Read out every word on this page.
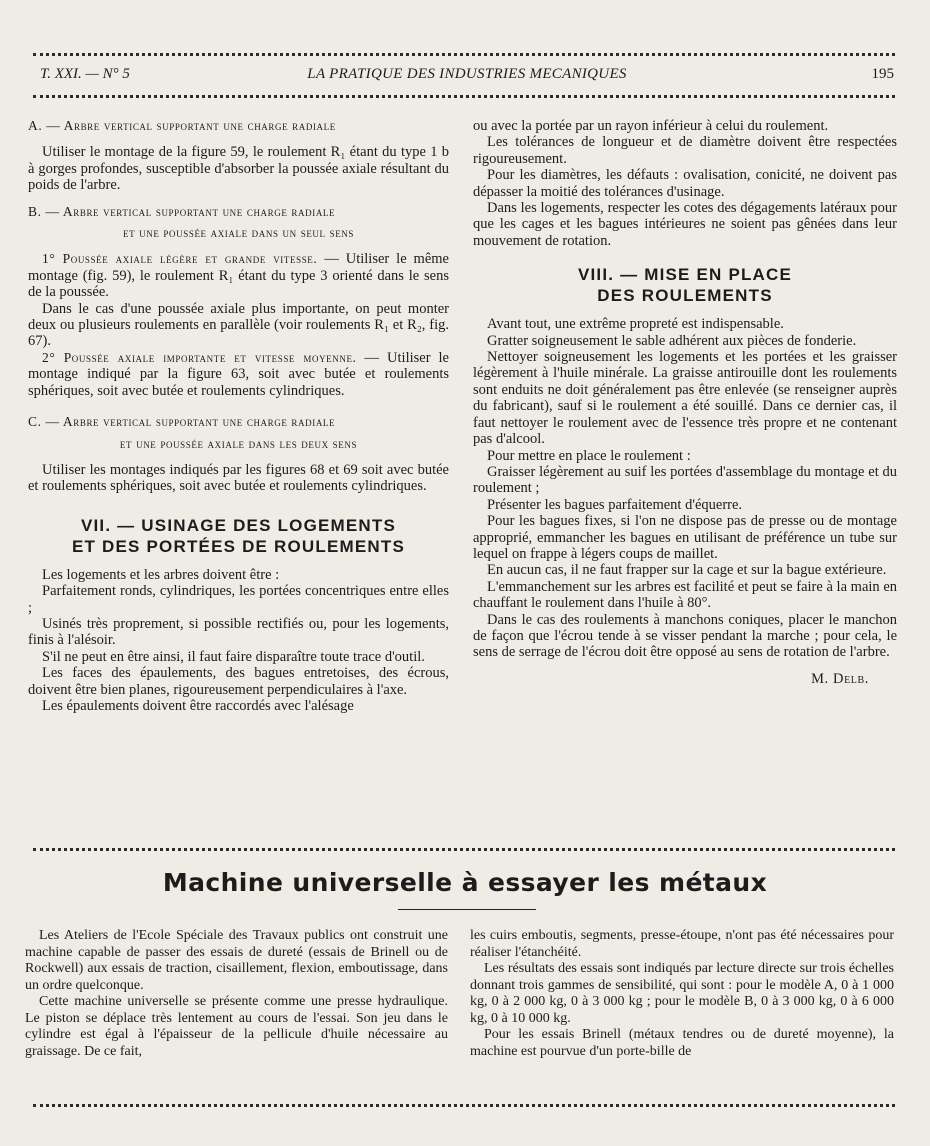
T. XXI. — N° 5	LA PRATIQUE DES INDUSTRIES MECANIQUES	195

A. — Arbre vertical supportant une charge radiale

Utiliser le montage de la figure 59, le roulement R₁ étant du type 1 b à gorges profondes, susceptible d'absorber la poussée axiale résultant du poids de l'arbre.

B. — Arbre vertical supportant une charge radiale

et une poussée axiale dans un seul sens

1° Poussée axiale légère et grande vitesse. — Utiliser le même montage (fig. 59), le roulement R₁ étant du type 3 orienté dans le sens de la poussée.

Dans le cas d'une poussée axiale plus importante, on peut monter deux ou plusieurs roulements en parallèle (voir roulements R₁ et R₂, fig. 67).

2° Poussée axiale importante et vitesse moyenne. — Utiliser le montage indiqué par la figure 63, soit avec butée et roulements sphériques, soit avec butée et roulements cylindriques.

C. — Arbre vertical supportant une charge radiale

et une poussée axiale dans les deux sens

Utiliser les montages indiqués par les figures 68 et 69 soit avec butée et roulements sphériques, soit avec butée et roulements cylindriques.

VII. — USINAGE DES LOGEMENTS

ET DES PORTÉES DE ROULEMENTS

Les logements et les arbres doivent être :

Parfaitement ronds, cylindriques, les portées concentriques entre elles ;

Usinés très proprement, si possible rectifiés ou, pour les logements, finis à l'alésoir.

S'il ne peut en être ainsi, il faut faire disparaître toute trace d'outil.

Les faces des épaulements, des bagues entretoises, des écrous, doivent être bien planes, rigoureusement perpendiculaires à l'axe.

Les épaulements doivent être raccordés avec l'alésage

ou avec la portée par un rayon inférieur à celui du roulement.

Les tolérances de longueur et de diamètre doivent être respectées rigoureusement.

Pour les diamètres, les défauts : ovalisation, conicité, ne doivent pas dépasser la moitié des tolérances d'usinage.

Dans les logements, respecter les cotes des dégagements latéraux pour que les cages et les bagues intérieures ne soient pas gênées dans leur mouvement de rotation.

VIII. — MISE EN PLACE

DES ROULEMENTS

Avant tout, une extrême propreté est indispensable.

Gratter soigneusement le sable adhérent aux pièces de fonderie.

Nettoyer soigneusement les logements et les portées et les graisser légèrement à l'huile minérale. La graisse antirouille dont les roulements sont enduits ne doit généralement pas être enlevée (se renseigner auprès du fabricant), sauf si le roulement a été souillé. Dans ce dernier cas, il faut nettoyer le roulement avec de l'essence très propre et ne contenant pas d'alcool.

Pour mettre en place le roulement :

Graisser légèrement au suif les portées d'assemblage du montage et du roulement ;

Présenter les bagues parfaitement d'équerre.

Pour les bagues fixes, si l'on ne dispose pas de presse ou de montage approprié, emmancher les bagues en utilisant de préférence un tube sur lequel on frappe à légers coups de maillet.

En aucun cas, il ne faut frapper sur la cage et sur la bague extérieure.

L'emmanchement sur les arbres est facilité et peut se faire à la main en chauffant le roulement dans l'huile à 80°.

Dans le cas des roulements à manchons coniques, placer le manchon de façon que l'écrou tende à se visser pendant la marche ; pour cela, le sens de serrage de l'écrou doit être opposé au sens de rotation de l'arbre.

M. Delb.

Machine universelle à essayer les métaux

Les Ateliers de l'Ecole Spéciale des Travaux publics ont construit une machine capable de passer des essais de dureté (essais de Brinell ou de Rockwell) aux essais de traction, cisaillement, flexion, emboutissage, dans un ordre quelconque.

Cette machine universelle se présente comme une presse hydraulique. Le piston se déplace très lentement au cours de l'essai. Son jeu dans le cylindre est égal à l'épaisseur de la pellicule d'huile nécessaire au graissage. De ce fait,

les cuirs emboutis, segments, presse-étoupe, n'ont pas été nécessaires pour réaliser l'étanchéité.

Les résultats des essais sont indiqués par lecture directe sur trois échelles donnant trois gammes de sensibilité, qui sont : pour le modèle A, 0 à 1 000 kg, 0 à 2 000 kg, 0 à 3 000 kg ; pour le modèle B, 0 à 3 000 kg, 0 à 6 000 kg, 0 à 10 000 kg.

Pour les essais Brinell (métaux tendres ou de dureté moyenne), la machine est pourvue d'un porte-bille de
